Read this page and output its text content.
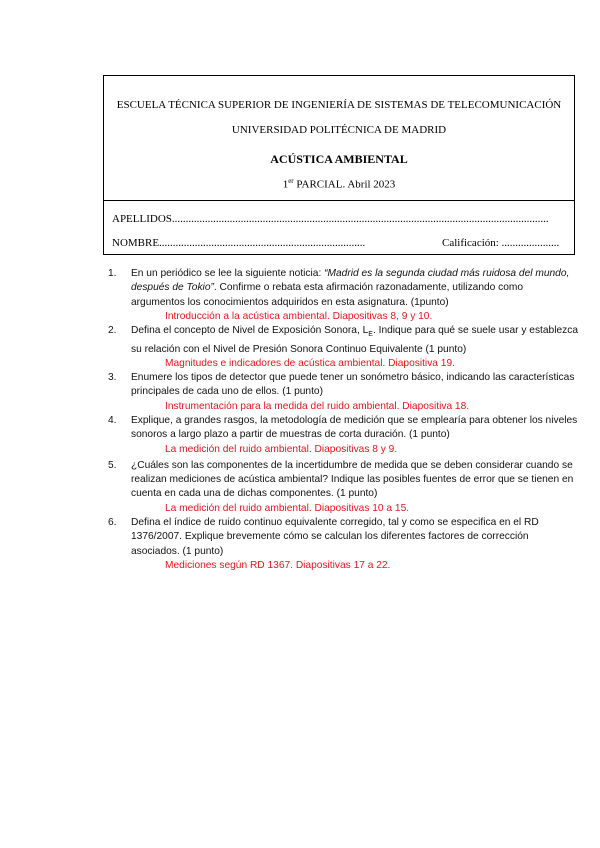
ESCUELA TÉCNICA SUPERIOR DE INGENIERÍA DE SISTEMAS DE TELECOMUNICACIÓN
UNIVERSIDAD POLITÉCNICA DE MADRID
ACÚSTICA AMBIENTAL
1er PARCIAL. Abril 2023
APELLIDOS.........................................................................................................................................
NOMBRE...........................................................................	Calificación: .....................
1.	En un periódico se lee la siguiente noticia: “Madrid es la segunda ciudad más ruidosa del mundo, después de Tokio”. Confirme o rebata esta afirmación razonadamente, utilizando como argumentos los conocimientos adquiridos en esta asignatura. (1punto)
Introducción a la acústica ambiental. Diapositivas 8, 9 y 10.
2.	Defina el concepto de Nivel de Exposición Sonora, $L_E$. Indique para qué se suele usar y establezca su relación con el Nivel de Presión Sonora Continuo Equivalente (1 punto)
Magnitudes e indicadores de acústica ambiental. Diapositiva 19.
3.	Enumere los tipos de detector que puede tener un sonómetro básico, indicando las características principales de cada uno de ellos. (1 punto)
Instrumentación para la medida del ruido ambiental. Diapositiva 18.
4.	Explique, a grandes rasgos, la metodología de medición que se emplearía para obtener los niveles sonoros a largo plazo a partir de muestras de corta duración. (1 punto)
La medición del ruido ambiental. Diapositivas 8 y 9.
5.	¿Cuáles son las componentes de la incertidumbre de medida que se deben considerar cuando se realizan mediciones de acústica ambiental? Indique las posibles fuentes de error que se tienen en cuenta en cada una de dichas componentes. (1 punto)
La medición del ruido ambiental. Diapositivas 10 a 15.
6.	Defina el índice de ruido continuo equivalente corregido, tal y como se especifica en el RD 1376/2007. Explique brevemente cómo se calculan los diferentes factores de corrección asociados. (1 punto)
Mediciones según RD 1367. Diapositivas 17 a 22.
